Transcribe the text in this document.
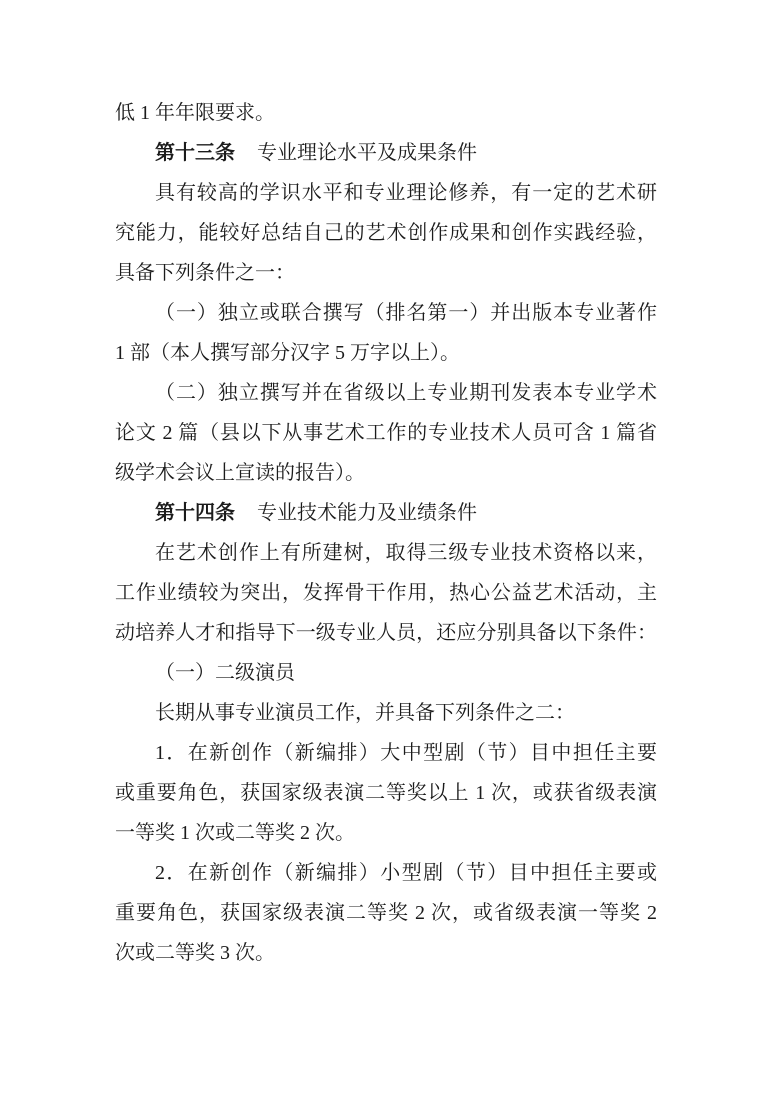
低 1 年年限要求。
第十三条 专业理论水平及成果条件
具有较高的学识水平和专业理论修养，有一定的艺术研
究能力，能较好总结自己的艺术创作成果和创作实践经验，
具备下列条件之一：
（一）独立或联合撰写（排名第一）并出版本专业著作
1 部（本人撰写部分汉字 5 万字以上）。
（二）独立撰写并在省级以上专业期刊发表本专业学术
论文 2 篇（县以下从事艺术工作的专业技术人员可含 1 篇省
级学术会议上宣读的报告）。
第十四条 专业技术能力及业绩条件
在艺术创作上有所建树，取得三级专业技术资格以来，
工作业绩较为突出，发挥骨干作用，热心公益艺术活动，主
动培养人才和指导下一级专业人员，还应分别具备以下条件：
（一）二级演员
长期从事专业演员工作，并具备下列条件之二：
1．在新创作（新编排）大中型剧（节）目中担任主要
或重要角色，获国家级表演二等奖以上 1 次，或获省级表演
一等奖 1 次或二等奖 2 次。
2．在新创作（新编排）小型剧（节）目中担任主要或
重要角色，获国家级表演二等奖 2 次，或省级表演一等奖 2
次或二等奖 3 次。
